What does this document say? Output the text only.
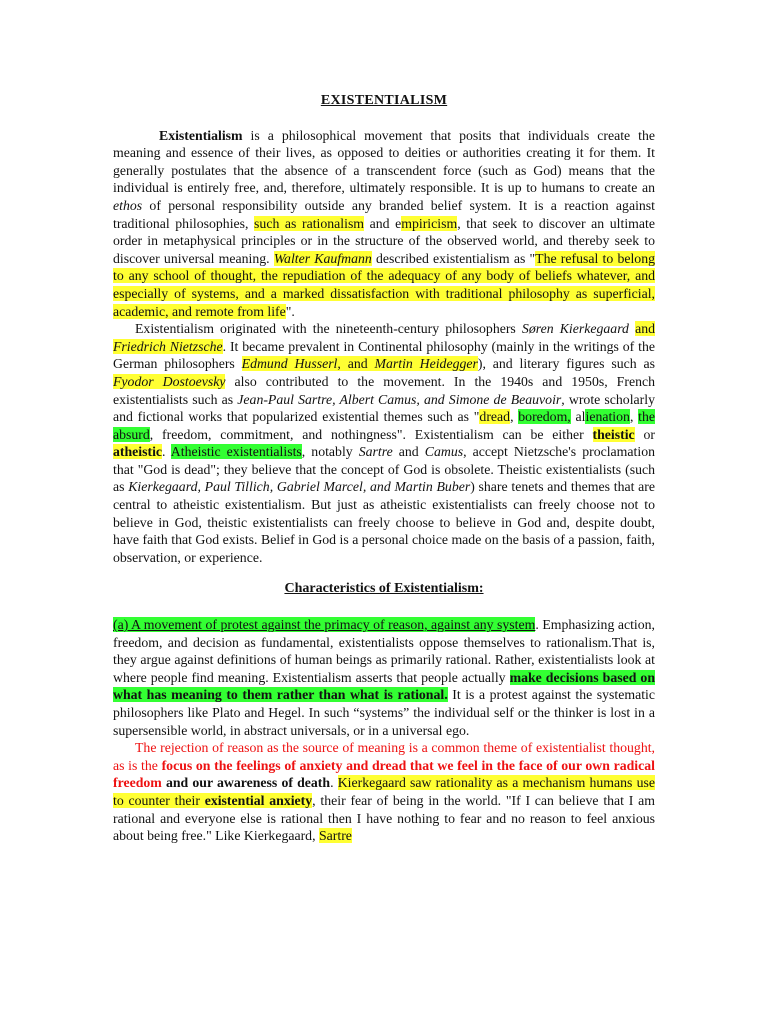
EXISTENTIALISM

Existentialism is a philosophical movement that posits that individuals create the meaning and essence of their lives, as opposed to deities or authorities creating it for them. It generally postulates that the absence of a transcendent force (such as God) means that the individual is entirely free, and, therefore, ultimately responsible. It is up to humans to create an ethos of personal responsibility outside any branded belief system. It is a reaction against traditional philosophies, such as rationalism and empiricism, that seek to discover an ultimate order in metaphysical principles or in the structure of the observed world, and thereby seek to discover universal meaning. Walter Kaufmann described existentialism as "The refusal to belong to any school of thought, the repudiation of the adequacy of any body of beliefs whatever, and especially of systems, and a marked dissatisfaction with traditional philosophy as superficial, academic, and remote from life".

Existentialism originated with the nineteenth-century philosophers Søren Kierkegaard and Friedrich Nietzsche. It became prevalent in Continental philosophy (mainly in the writings of the German philosophers Edmund Husserl, and Martin Heidegger), and literary figures such as Fyodor Dostoevsky also contributed to the movement. In the 1940s and 1950s, French existentialists such as Jean-Paul Sartre, Albert Camus, and Simone de Beauvoir, wrote scholarly and fictional works that popularized existential themes such as "dread, boredom, alienation, the absurd, freedom, commitment, and nothingness". Existentialism can be either theistic or atheistic. Atheistic existentialists, notably Sartre and Camus, accept Nietzsche's proclamation that "God is dead"; they believe that the concept of God is obsolete. Theistic existentialists (such as Kierkegaard, Paul Tillich, Gabriel Marcel, and Martin Buber) share tenets and themes that are central to atheistic existentialism. But just as atheistic existentialists can freely choose not to believe in God, theistic existentialists can freely choose to believe in God and, despite doubt, have faith that God exists. Belief in God is a personal choice made on the basis of a passion, faith, observation, or experience.

Characteristics of Existentialism:

(a) A movement of protest against the primacy of reason, against any system. Emphasizing action, freedom, and decision as fundamental, existentialists oppose themselves to rationalism.That is, they argue against definitions of human beings as primarily rational. Rather, existentialists look at where people find meaning. Existentialism asserts that people actually make decisions based on what has meaning to them rather than what is rational. It is a protest against the systematic philosophers like Plato and Hegel. In such “systems” the individual self or the thinker is lost in a supersensible world, in abstract universals, or in a universal ego.

The rejection of reason as the source of meaning is a common theme of existentialist thought, as is the focus on the feelings of anxiety and dread that we feel in the face of our own radical freedom and our awareness of death. Kierkegaard saw rationality as a mechanism humans use to counter their existential anxiety, their fear of being in the world. "If I can believe that I am rational and everyone else is rational then I have nothing to fear and no reason to feel anxious about being free." Like Kierkegaard, Sartre
